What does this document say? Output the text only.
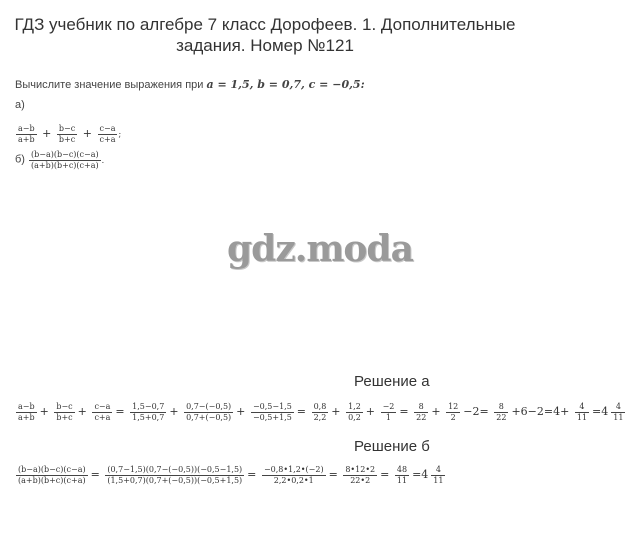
ГДЗ учебник по алгебре 7 класс Дорофеев. 1. Дополнительные
задания. Номер №121
Вычислите значение выражения при a = 1,5, b = 0,7, c = −0,5:
а)
$\frac{a-b}{a+b} + \frac{b-c}{b+c} + \frac{c-a}{c+a}$ ;
$б) \frac{(b-a)(b-c)(c-a)}{(a+b)(b+c)(c+a)}$ .
gdz.moda
Решение а
$\frac{a-b}{a+b} + \frac{b-c}{b+c} + \frac{c-a}{c+a} = \frac{1,5-0,7}{1,5+0,7} + \frac{0,7-(-0,5)}{0,7+(-0,5)} + \frac{-0,5-1,5}{-0,5+1,5} = \frac{0,8}{2,2} + \frac{1,2}{0,2} + \frac{-2}{1} = \frac{8}{22} + \frac{12}{2} -2= \frac{8}{22} +6-2=4+ \frac{4}{11} =4 \frac{4}{11}$
Решение б
$\frac{(b-a)(b-c)(c-a)}{(a+b)(b+c)(c+a)} = \frac{(0,7-1,5)(0,7-(-0,5))(-0,5-1,5)}{(1,5+0,7)(0,7+(-0,5))(-0,5+1,5)} = \frac{-0,8•1,2•(-2)}{2,2•0,2•1} = \frac{8•12•2}{22•2} = \frac{48}{11} =4 \frac{4}{11}$
